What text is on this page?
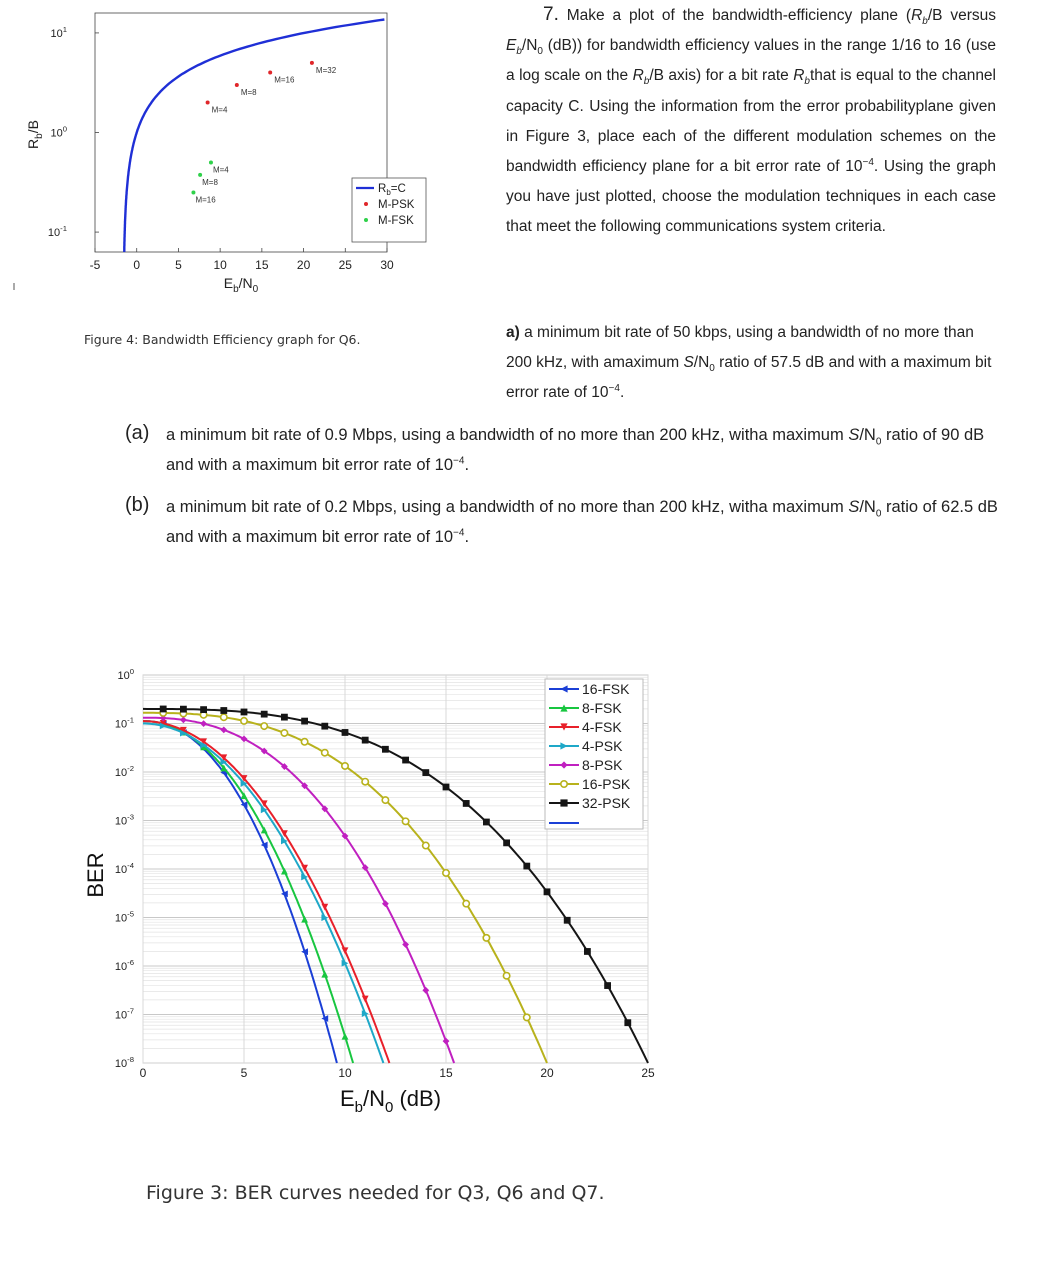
-5	0	5	10 15 20 25 30
$10^1$
$10^0$
$10^{-1}$
$E_b/N_0$
$R_b/B$
M=4
M=8
M=16
M=32
M=4
M=8
M=16
$R_b=C$
M-PSK
M-FSK
0	5	10	15	20	25
$10^0$
$10^{-1}$
$10^{-2}$
$10^{-3}$
$10^{-4}$
$10^{-5}$
$10^{-6}$
$10^{-7}$
$10^{-8}$
$E_b/N_0$ (dB)
BER
16-FSK
8-FSK
4-FSK
4-PSK
8-PSK
16-PSK
32-PSK
Figure 4: Bandwidth Efficiency graph for Q6.
Figure 3: BER curves needed for Q3, Q6 and Q7.
7. Make a plot of the bandwidth-efficiency plane ($R_b/B$ versus $E_b/N_0$ (dB)) for bandwidth efficiency values in the range 1/16 to 16 (use a log scale on the $R_b/B$ axis) for a bit rate $R_bthat$ is equal to the channel capacity C. Using the information from the error probabilityplane given in Figure 3, place each of the different modulation schemes on the bandwidth efficiency plane for a bit error rate of $10^{-4}$. Using the graph you have just plotted, choose the modulation techniques in each case that meet the following communications system criteria.
a) a minimum bit rate of 50 kbps, using a bandwidth of no more than 200 kHz, with amaximum $S/N_0$ ratio of 57.5 dB and with a maximum bit error rate of $10^{-4}$.
(a) a minimum bit rate of 0.9 Mbps, using a bandwidth of no more than 200 kHz, witha maximum $S/N_0$ ratio of 90 dB and with a maximum bit error rate of $10^{-4}$.
(b) a minimum bit rate of 0.2 Mbps, using a bandwidth of no more than 200 kHz, witha maximum $S/N_0$ ratio of 62.5 dB and with a maximum bit error rate of $10^{-4}$.
